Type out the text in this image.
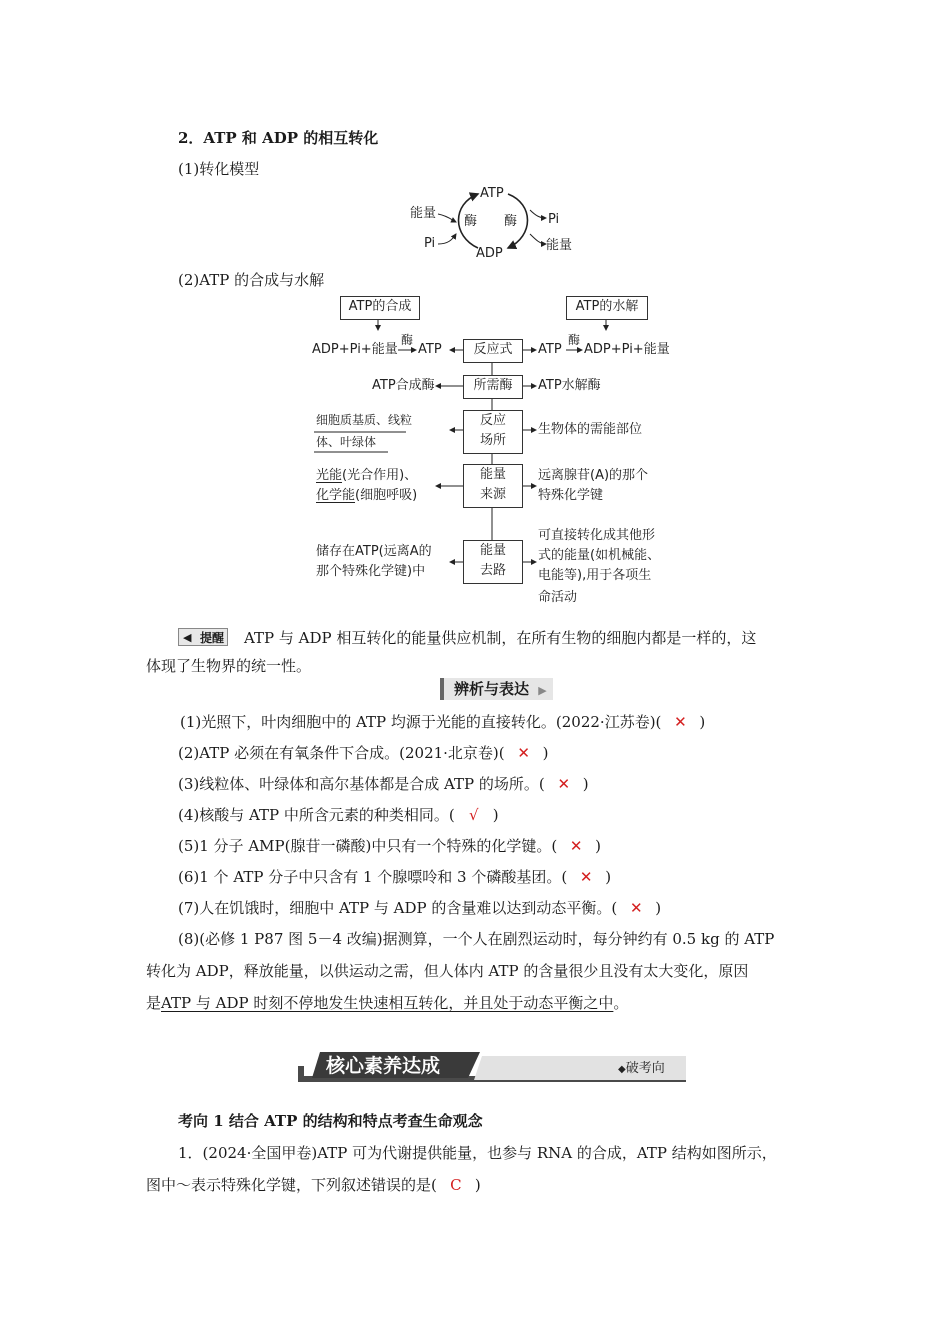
2．ATP 和 ADP 的相互转化
(1)转化模型
ATP
ADP
酶 酶
能量
Pi
Pi
能量
(2)ATP 的合成与水解
ATP的合成	ATP的水解
ADP+Pi+能量
酶
ATP	反应式	ATP
酶
ADP+Pi+能量
ATP合成酶	所需酶	ATP水解酶
细胞质基质、线粒
体、叶绿体
反应
场所
生物体的需能部位
光能(光合作用)、
化学能(细胞呼吸)
能量
来源
远离腺苷(A)的那个
特殊化学键
储存在ATP(远离A的
那个特殊化学键)中
能量
去路
可直接转化成其他形
式的能量(如机械能、
电能等),用于各项生
命活动
◀ 提醒 ATP 与 ADP 相互转化的能量供应机制，在所有生物的细胞内都是一样的，这
体现了生物界的统一性。
辨析与表达 ▶
(1)光照下，叶肉细胞中的 ATP 均源于光能的直接转化。(2022·江苏卷)( ✕ )
(2)ATP 必须在有氧条件下合成。(2021·北京卷)( ✕ )
(3)线粒体、叶绿体和高尔基体都是合成 ATP 的场所。( ✕ )
(4)核酸与 ATP 中所含元素的种类相同。( √ )
(5)1 分子 AMP(腺苷一磷酸)中只有一个特殊的化学键。( ✕ )
(6)1 个 ATP 分子中只含有 1 个腺嘌呤和 3 个磷酸基团。( ✕ )
(7)人在饥饿时，细胞中 ATP 与 ADP 的含量难以达到动态平衡。( ✕ )
(8)(必修 1 P87 图 5－4 改编)据测算，一个人在剧烈运动时，每分钟约有 0.5 kg 的 ATP
转化为 ADP，释放能量，以供运动之需，但人体内 ATP 的含量很少且没有太大变化，原因
是ATP 与 ADP 时刻不停地发生快速相互转化，并且处于动态平衡之中。
核心素养达成	◆破考向
考向 1 结合 ATP 的结构和特点考查生命观念
1．(2024·全国甲卷)ATP 可为代谢提供能量，也参与 RNA 的合成，ATP 结构如图所示，
图中～表示特殊化学键，下列叙述错误的是( C )
